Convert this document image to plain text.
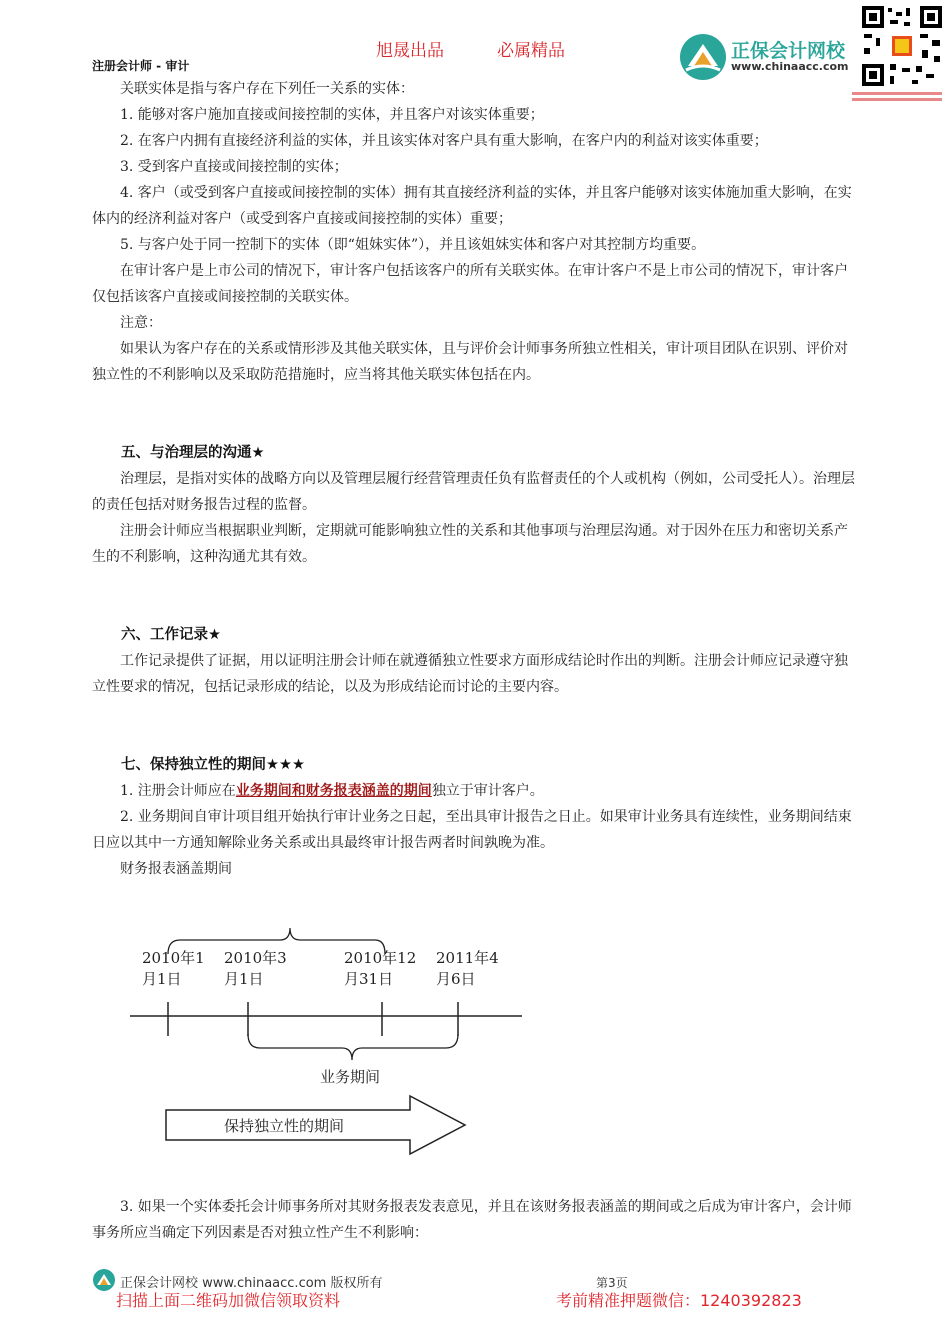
旭晟出品	必属精品
注册会计师 - 审计
正保会计网校
www.chinaacc.com

关联实体是指与客户存在下列任一关系的实体：

1. 能够对客户施加直接或间接控制的实体，并且客户对该实体重要；

2. 在客户内拥有直接经济利益的实体，并且该实体对客户具有重大影响，在客户内的利益对该实体重要；

3. 受到客户直接或间接控制的实体；

4. 客户（或受到客户直接或间接控制的实体）拥有其直接经济利益的实体，并且客户能够对该实体施加重大影响，在实体内的经济利益对客户（或受到客户直接或间接控制的实体）重要；

5. 与客户处于同一控制下的实体（即“姐妹实体”），并且该姐妹实体和客户对其控制方均重要。

在审计客户是上市公司的情况下，审计客户包括该客户的所有关联实体。在审计客户不是上市公司的情况下，审计客户仅包括该客户直接或间接控制的关联实体。

注意：

如果认为客户存在的关系或情形涉及其他关联实体，且与评价会计师事务所独立性相关，审计项目团队在识别、评价对独立性的不利影响以及采取防范措施时，应当将其他关联实体包括在内。

五、与治理层的沟通★

治理层，是指对实体的战略方向以及管理层履行经营管理责任负有监督责任的个人或机构（例如，公司受托人）。治理层的责任包括对财务报告过程的监督。

注册会计师应当根据职业判断，定期就可能影响独立性的关系和其他事项与治理层沟通。对于因外在压力和密切关系产生的不利影响，这种沟通尤其有效。

六、工作记录★

工作记录提供了证据，用以证明注册会计师在就遵循独立性要求方面形成结论时作出的判断。注册会计师应记录遵守独立性要求的情况，包括记录形成的结论，以及为形成结论而讨论的主要内容。

七、保持独立性的期间★★★

1. 注册会计师应在业务期间和财务报表涵盖的期间独立于审计客户。

2. 业务期间自审计项目组开始执行审计业务之日起，至出具审计报告之日止。如果审计业务具有连续性，业务期间结束日应以其中一方通知解除业务关系或出具最终审计报告两者时间孰晚为准。

财务报表涵盖期间

2010年1
月1日
2010年3
月1日
2010年12
月31日
2011年4
月6日
业务期间
保持独立性的期间

3. 如果一个实体委托会计师事务所对其财务报表发表意见，并且在该财务报表涵盖的期间或之后成为审计客户，会计师事务所应当确定下列因素是否对独立性产生不利影响：

正保会计网校 www.chinaacc.com 版权所有	第3页
扫描上面二维码加微信领取资料	考前精准押题微信：1240392823
